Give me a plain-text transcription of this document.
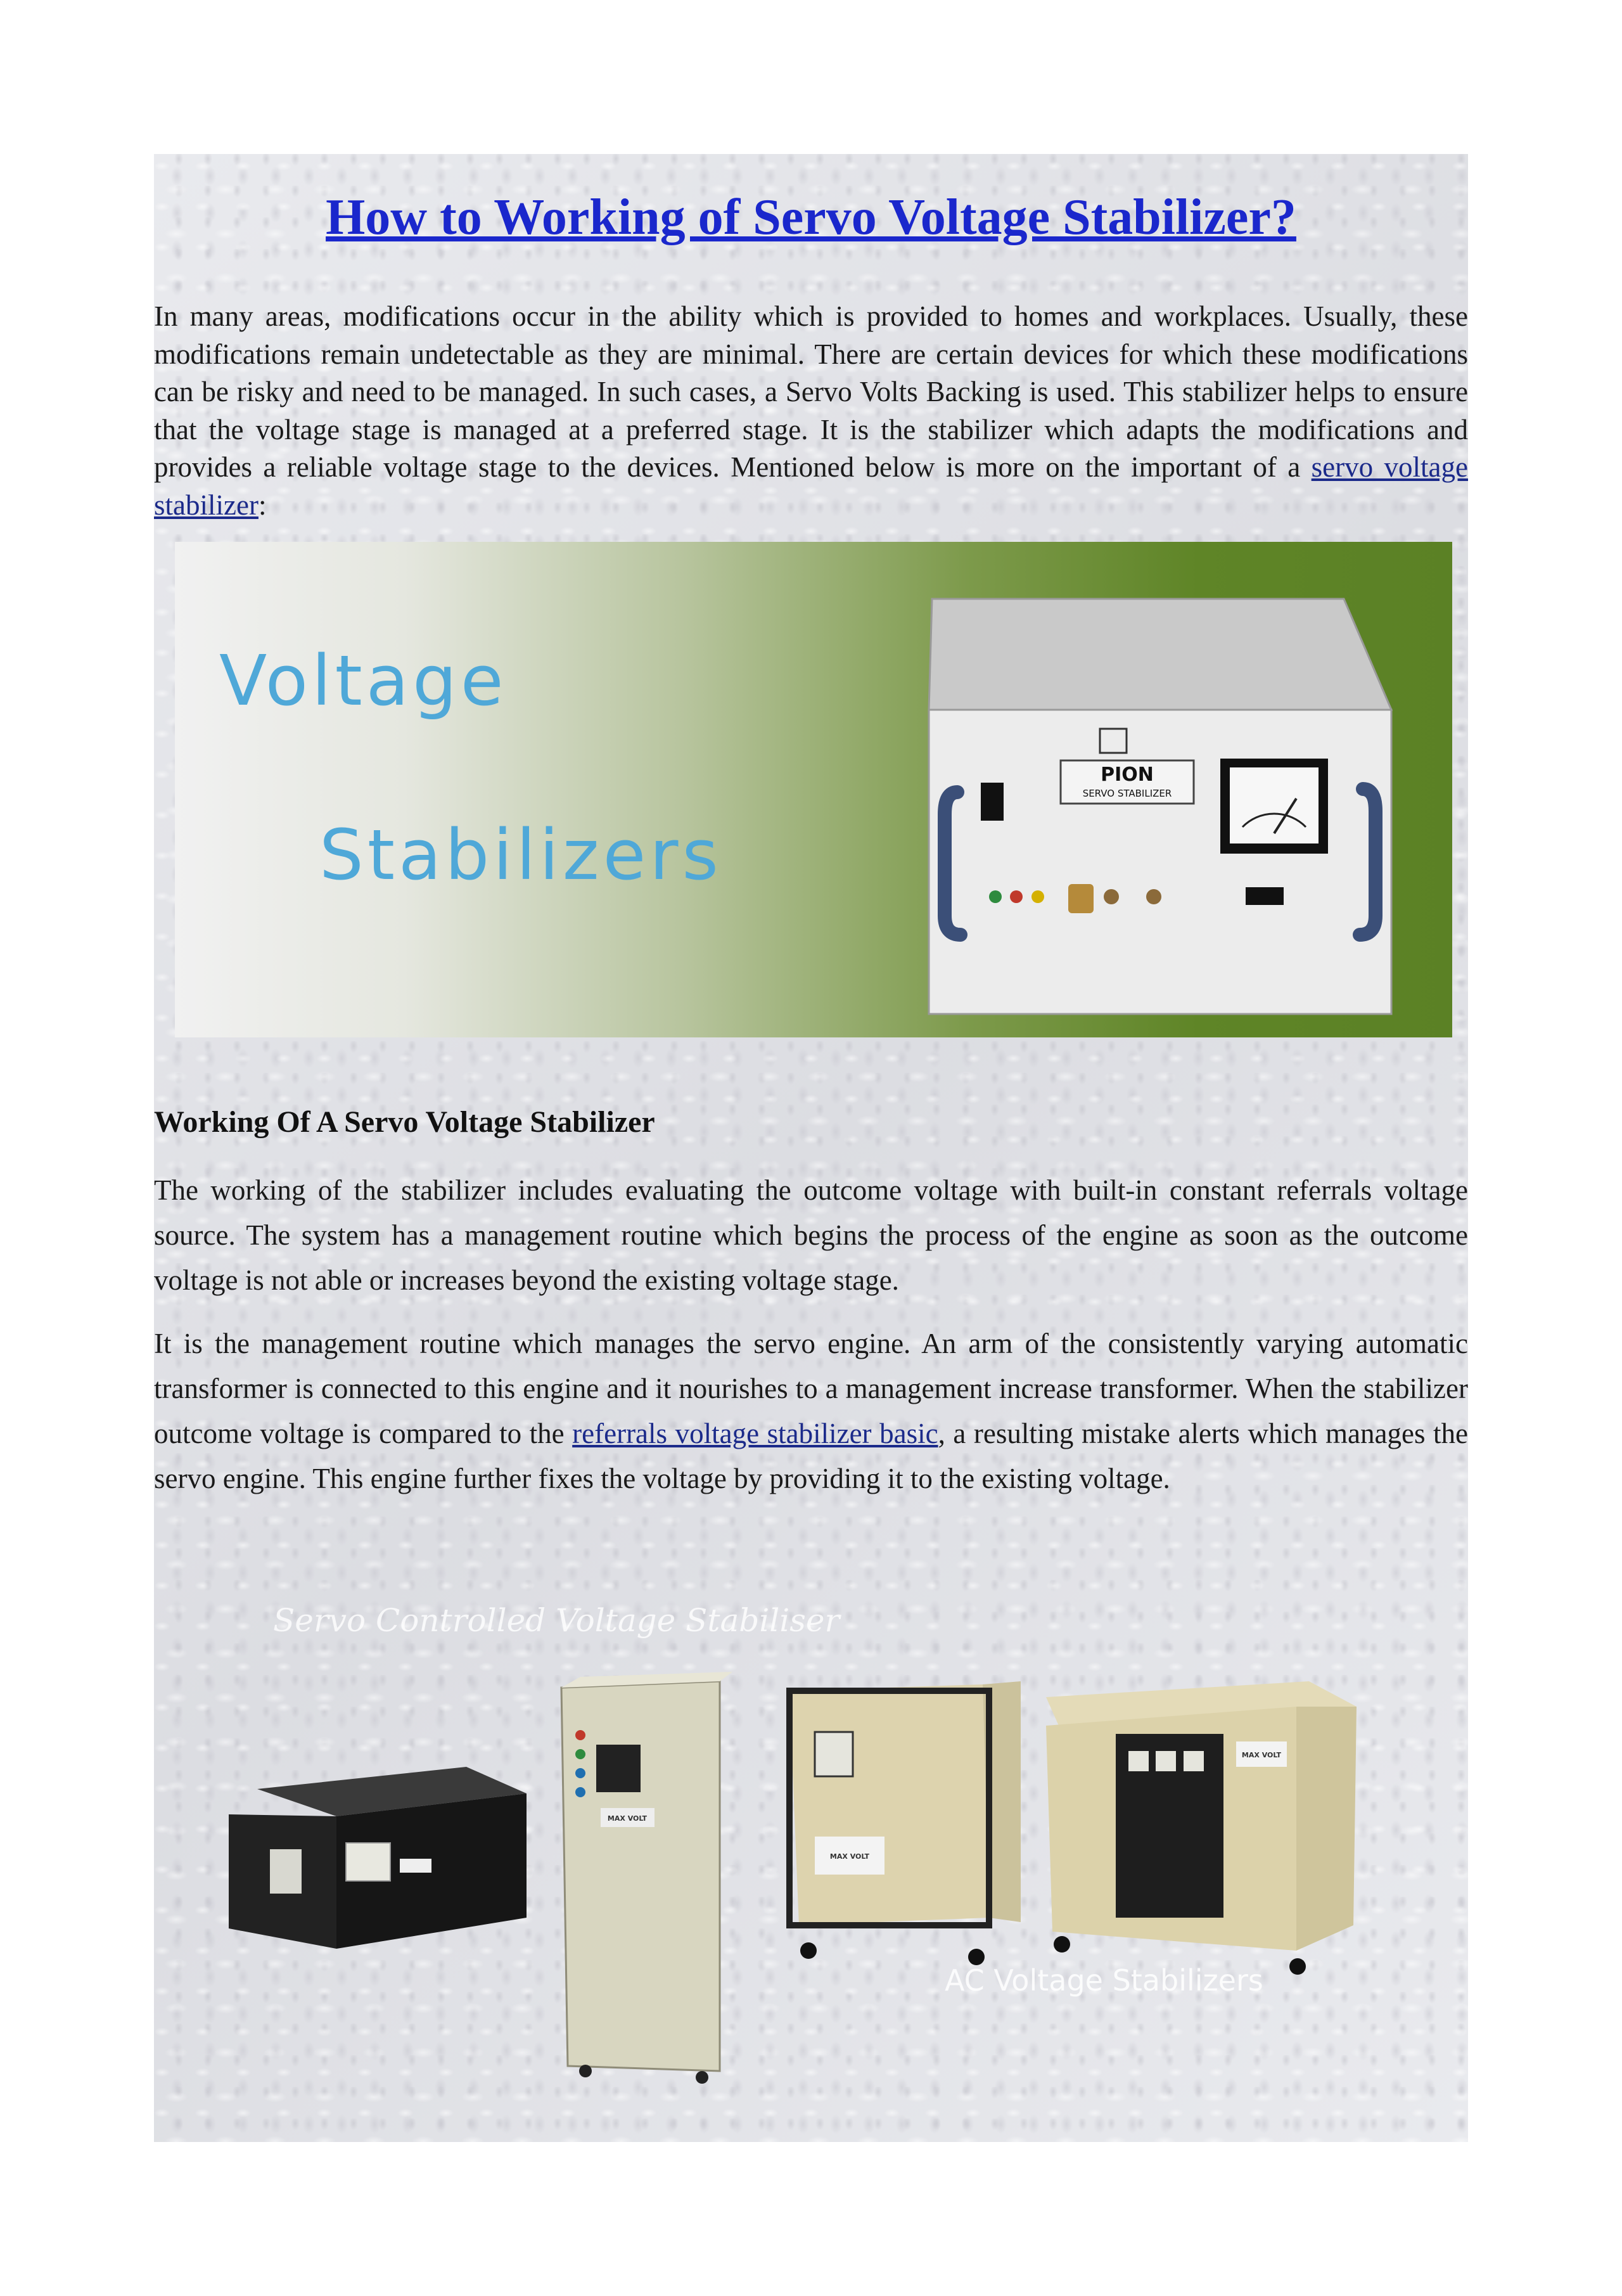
How to Working of Servo Voltage Stabilizer?

In many areas, modifications occur in the ability which is provided to homes and workplaces. Usually, these modifications remain undetectable as they are minimal. There are certain devices for which these modifications can be risky and need to be managed. In such cases, a Servo Volts Backing is used. This stabilizer helps to ensure that the voltage stage is managed at a preferred stage. It is the stabilizer which adapts the modifications and provides a reliable voltage stage to the devices. Mentioned below is more on the important of a servo voltage stabilizer:

Voltage
Stabilizers
PION
SERVO STABILIZER
Working Of A Servo Voltage Stabilizer

The working of the stabilizer includes evaluating the outcome voltage with built-in constant referrals voltage source. The system has a management routine which begins the process of the engine as soon as the outcome voltage is not able or increases beyond the existing voltage stage.

It is the management routine which manages the servo engine. An arm of the consistently varying automatic transformer is connected to this engine and it nourishes to a management increase transformer. When the stabilizer outcome voltage is compared to the referrals voltage stabilizer basic, a resulting mistake alerts which manages the servo engine. This engine further fixes the voltage by providing it to the existing voltage.

Servo Controlled Voltage Stabiliser
MAX VOLT
MAX VOLT
MAX VOLT
AC Voltage Stabilizers
